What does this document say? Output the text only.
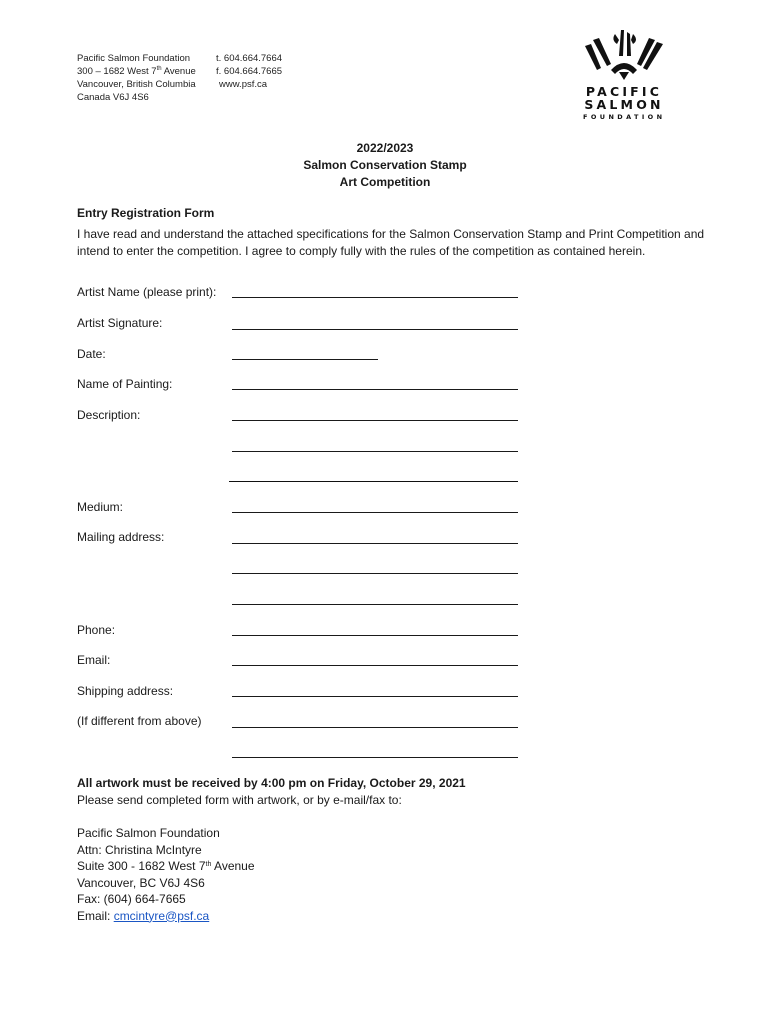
Pacific Salmon Foundation
300 – 1682 West 7th Avenue
Vancouver, British Columbia
Canada V6J 4S6
t. 604.664.7664
f. 604.664.7665
www.psf.ca	PACIFIC
SALMON
FOUNDATION
2022/2023
Salmon Conservation Stamp
Art Competition
Entry Registration Form
I have read and understand the attached specifications for the Salmon Conservation Stamp and Print Competition and intend to enter the competition. I agree to comply fully with the rules of the competition as contained herein.
Artist Name (please print):
Artist Signature:
Date:
Name of Painting:
Description:
Medium:
Mailing address:
Phone:
Email:
Shipping address:
(If different from above)
All artwork must be received by 4:00 pm on Friday, October 29, 2021
Please send completed form with artwork, or by e-mail/fax to:
Pacific Salmon Foundation
Attn: Christina McIntyre
Suite 300 - 1682 West 7th Avenue
Vancouver, BC V6J 4S6
Fax: (604) 664-7665
Email: cmcintyre@psf.ca
